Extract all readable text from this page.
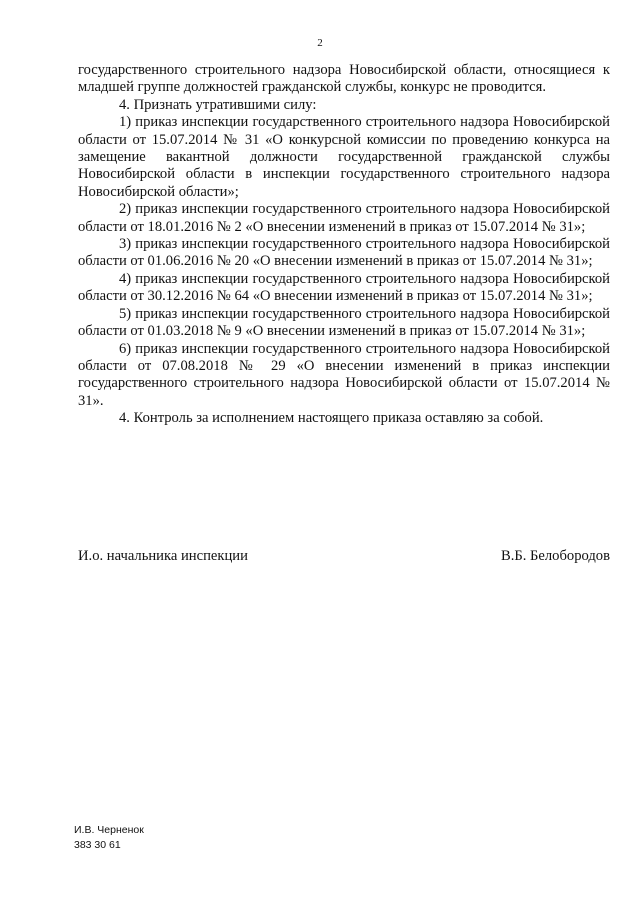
2

государственного строительного надзора Новосибирской области, относящиеся к младшей группе должностей гражданской службы, конкурс не проводится.

4. Признать утратившими силу:

1) приказ инспекции государственного строительного надзора Новосибирской области от 15.07.2014 № 31 «О конкурсной комиссии по проведению конкурса на замещение вакантной должности государственной гражданской службы Новосибирской области в инспекции государственного строительного надзора Новосибирской области»;

2) приказ инспекции государственного строительного надзора Новосибирской области от 18.01.2016 № 2 «О внесении изменений в приказ от 15.07.2014 № 31»;

3) приказ инспекции государственного строительного надзора Новосибирской области от 01.06.2016 № 20 «О внесении изменений в приказ от 15.07.2014 № 31»;

4) приказ инспекции государственного строительного надзора Новосибирской области от 30.12.2016 № 64 «О внесении изменений в приказ от 15.07.2014 № 31»;

5) приказ инспекции государственного строительного надзора Новосибирской области от 01.03.2018 № 9 «О внесении изменений в приказ от 15.07.2014 № 31»;

6) приказ инспекции государственного строительного надзора Новосибирской области от 07.08.2018 № 29 «О внесении изменений в приказ инспекции государственного строительного надзора Новосибирской области от 15.07.2014 № 31».

4. Контроль за исполнением настоящего приказа оставляю за собой.

И.о. начальника инспекции	В.Б. Белобородов
И.В. Черненок
383 30 61
